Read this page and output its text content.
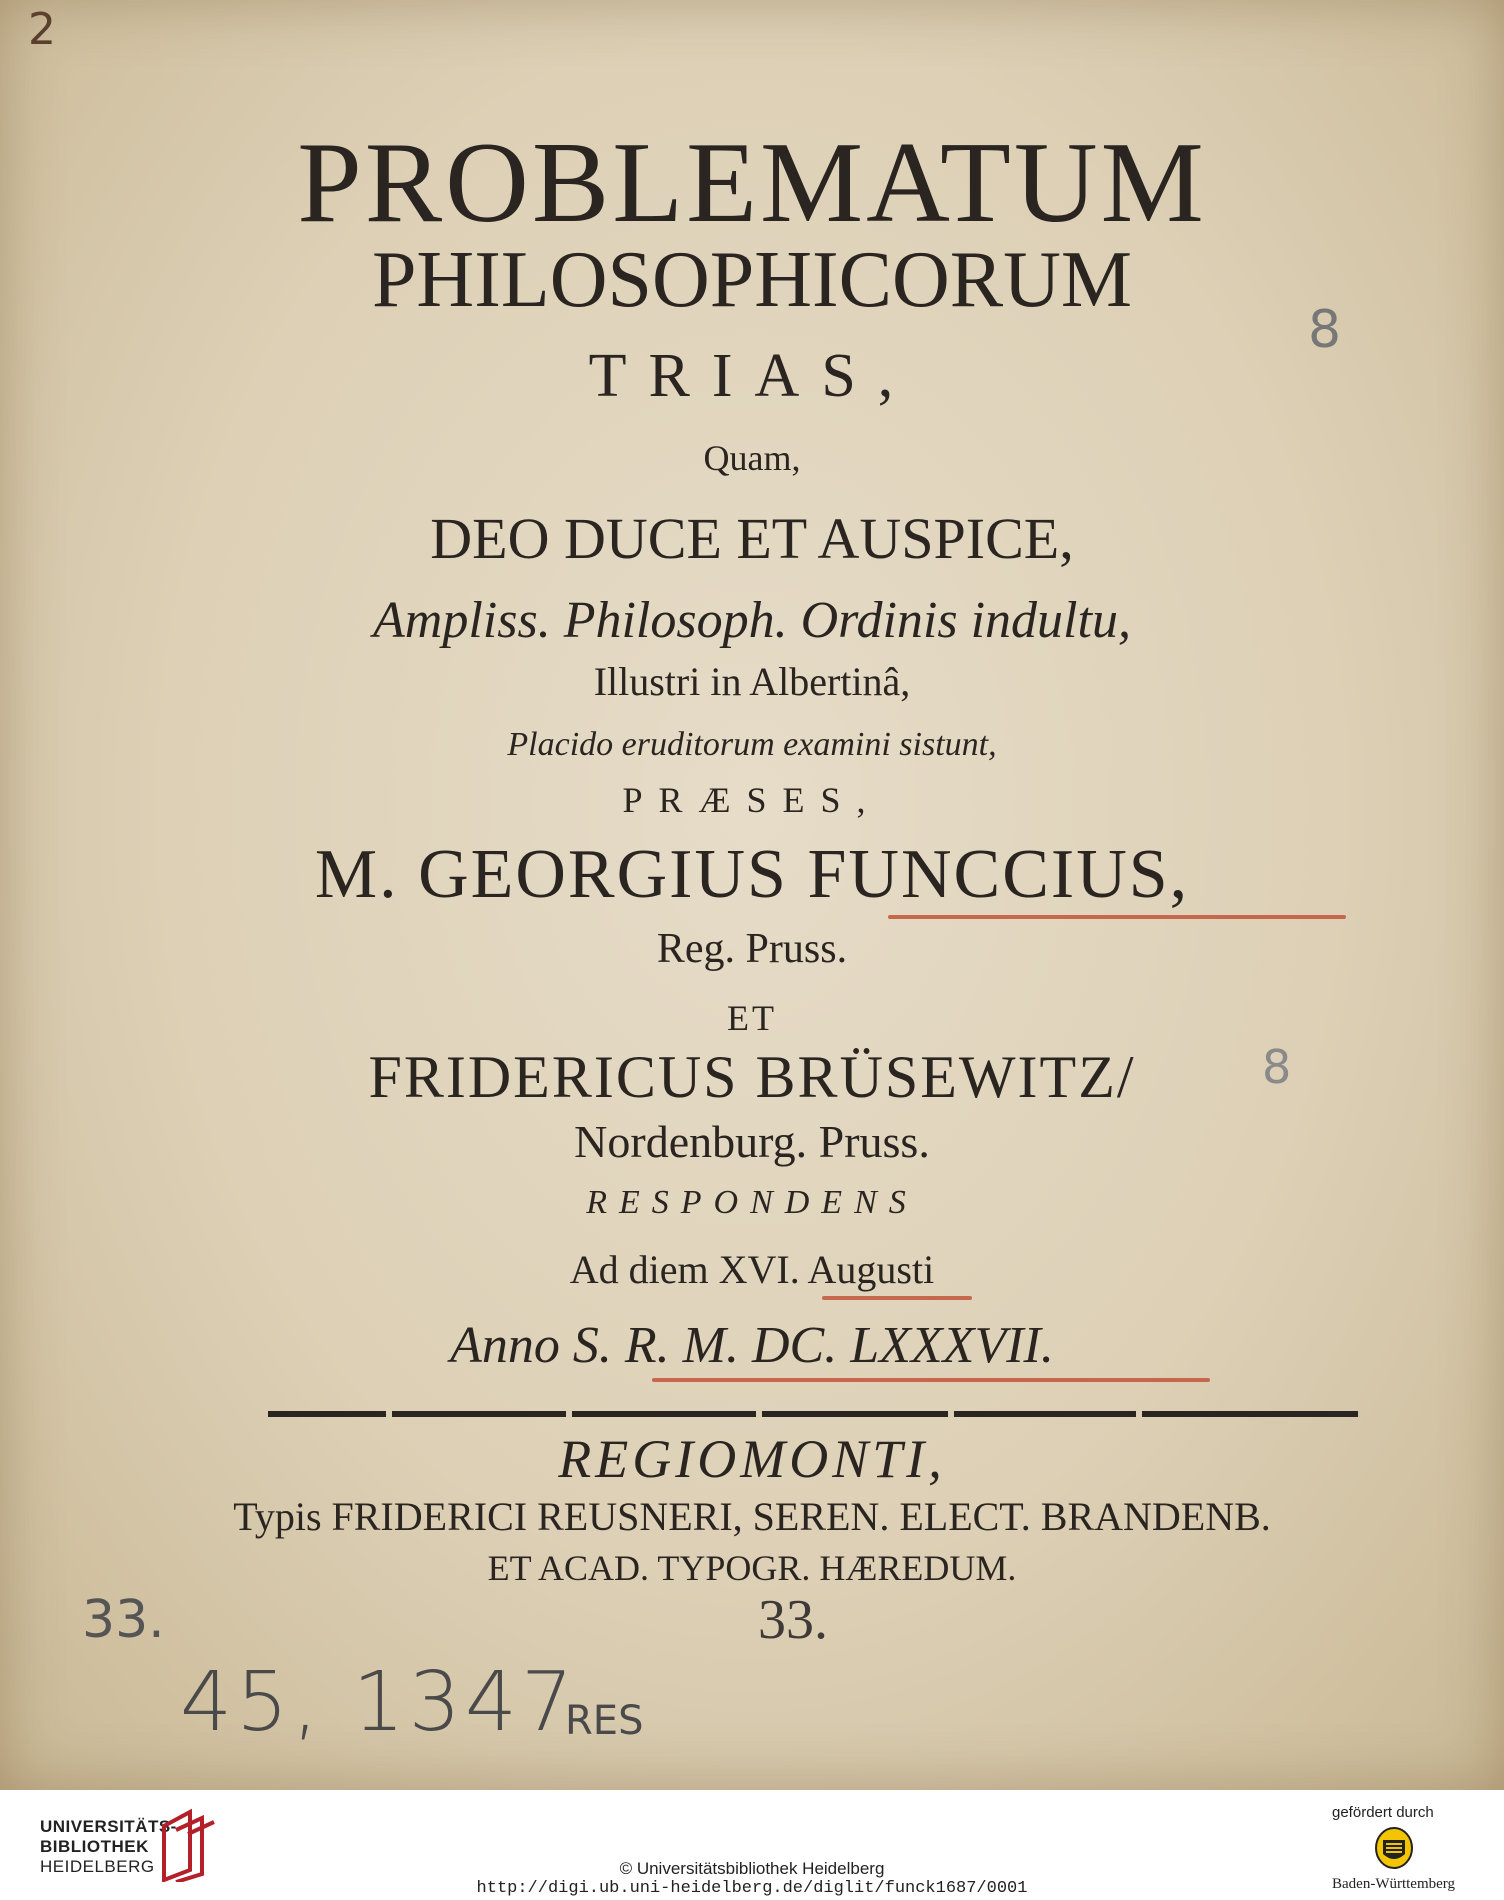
PROBLEMATUM
PHILOSOPHICORUM
TRIAS,
Quam,
DEO DUCE ET AUSPICE,
Ampliss. Philosoph. Ordinis indultu,
Illustri in Albertinâ,
Placido eruditorum examini sistunt,
PRÆSES,
M. GEORGIUS FUNCCIUS,
Reg. Pruss.
ET
FRIDERICUS BRÜSEWITZ/
Nordenburg. Pruss.
RESPONDENS
Ad diem XVI. Augusti
Anno S. R. M. DC. LXXXVII.
REGIOMONTI,
Typis FRIDERICI REUSNERI, SEREN. ELECT. BRANDENB.
ET ACAD. TYPOGR. HÆREDUM.
2
8
8
33.	33.
45, 1347
RES
UNIVERSITÄTS-
BIBLIOTHEK
HEIDELBERG	© Universitätsbibliothek Heidelberg
http://digi.ub.uni-heidelberg.de/diglit/funck1687/0001
gefördert durch
Baden-Württemberg
